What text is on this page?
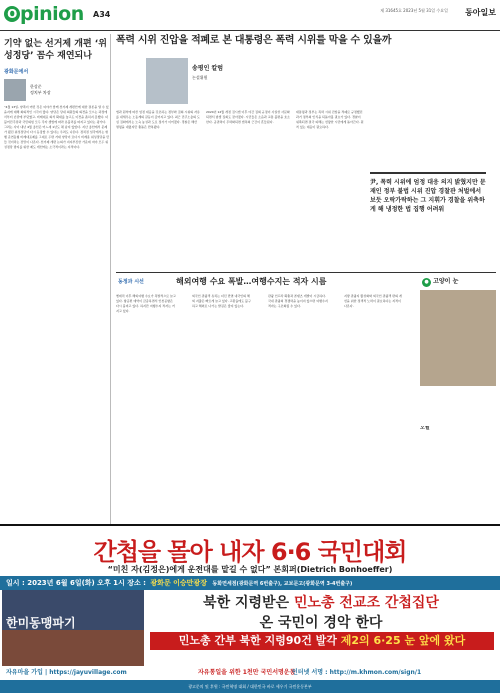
O pinion A34	제 31645호 2023년 5월 31일 수요일 동아일보
기약 없는 선거제 개편 ‘위성정당’ 꼼수 재연되나
광화문에서
한상준
정치부 차장
“4월 13일, 양쪽이 어떤 것은 여야가 함께 선거제 개편안에 대한 결론을 낼 수 있을지에 대해 회의적인 시각이 많다. 양당은 당내 의원들의 의견을 모으는 과정에서부터 난관에 부딪혔고, 비례대표 의석 확대를 놓고도 이견을 좁히지 못했다. 더불어민주당과 국민의힘 모두 각자 셈법에 따라 유불리를 따지고 있다는 평가다. 그러는 사이 내년 4월 총선은 어느새 1년도 채 남지 않았다. 지난 총선에서 문제가 됐던 위성정당이 다시 등장할 수 있다는 우려도 나온다. 정치권 일각에서는 현행 준연동형 비례대표제를 그대로 두면 거대 양당이 또다시 비례용 위성정당을 만들 것이라는 전망이 나온다. 선거제 개편 논의가 지지부진한 가운데 여야 모두 위성정당 방지를 위한 제도 개선에는 소극적이라는 지적이다.
폭력 시위 진압을 적폐로 본 대통령은 폭력 시위를 막을 수 있을까
송평인 칼럼
논설위원
법과 원칙에 따른 엄정 대응을 강조하는 정부와 집회·시위의 자유를 내세우는 노동계의 갈등이 깊어지고 있다. 최근 민주노총의 도심 집회에서는 노숙 농성과 도로 점거가 이어졌다. 경찰은 해산 명령을 내렸지만 충돌은 반복됐다.
2020년 12월 개정 집시법 이후 야간 집회 규정이 사실상 사문화되면서 밤샘 집회도 잦아졌다. 시민들은 소음과 교통 불편을 호소한다. 공권력이 무력화되면 법치의 근간이 흔들린다.
대통령과 정부는 폭력 시위 진압을 적폐로 규정했던 과거 정부의 인식을 되돌아볼 필요가 있다. 경찰이 위축되면 결국 피해는 선량한 시민에게 돌아간다. 원칙 있는 대응이 필요하다.
尹, 폭력 시위에 엄정 대응 의지 밝혔지만 문재인 정부 불법 시위 진압 경찰관 처벌에서 보듯 오락가락하는 그 지휘가 경찰을 위축하게 해 냉정한 법 집행 어려워
동정과 시선	해외여행 수요 폭발…여행수지는 적자 시름	● 고양이 눈
엔데믹 이후 해외여행 수요가 폭발적으로 늘고 있다. 항공편 예약이 급증하면서 인천공항은 다시 붐비고 있다. 하지만 여행수지 적자는 커지고 있다.
외국인 관광객 유치는 더딘 반면 내국인의 해외 지출은 빠르게 늘고 있다. 고환율에도 불구하고 해외로 나가는 발길은 줄지 않는다.
관광 인프라 확충과 콘텐츠 개발이 시급하다. 국내 관광의 경쟁력을 높이지 않으면 여행수지 적자는 구조화될 수 있다.
지방 관광지 활성화와 외국인 관광객 편의 개선을 위한 정책적 노력이 필요하다는 지적이 나온다.
오월
간첩을 몰아 내자 6·6 국민대회
“미친 자(김정은)에게 운전대를 맡길 수 없다” 본회퍼(Dietrich Bonhoeffer)
일시 : 2023년 6월 6일(화) 오후 1시 장소 : 광화문 이승만광장 동화면세점(광화문역 6번출구), 교보문고(광화문역 3-4번출구)
한미동맹파기
북한 지령받은 민노총 전교조 간첩집단
온 국민이 경악 한다
민노총 간부 북한 지령90건 발각 제2의 6·25 눈 앞에 왔다
자유마을 가입 | https://jayuvillage.com	자유통일을 위한 1천만 국민서명운동
인터넷 서명 : http://m.khmon.com/sign/1
광고문의 및 후원 : 국민혁명 대회 / 대한민국 바로 세우기 국민운동본부
